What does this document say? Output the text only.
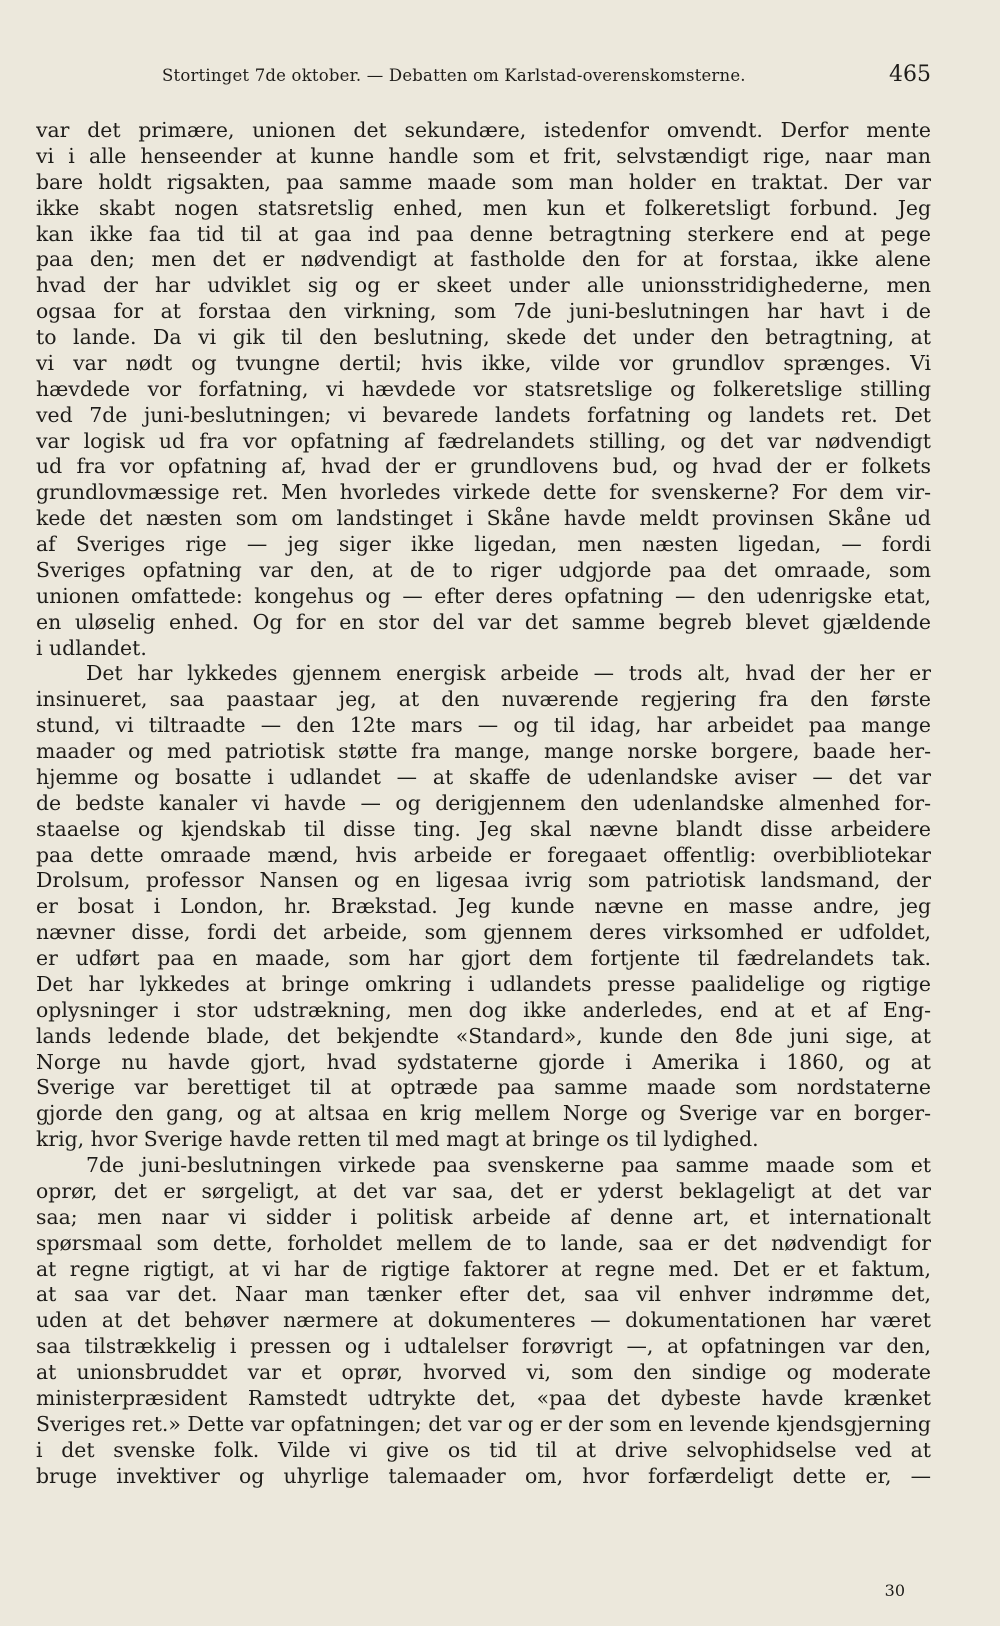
Stortinget 7de oktober. — Debatten om Karlstad-overenskomsterne.	465
var det primære, unionen det sekundære, istedenfor omvendt. Derfor mente
vi i alle henseender at kunne handle som et frit, selvstændigt rige, naar man
bare holdt rigsakten, paa samme maade som man holder en traktat. Der var
ikke skabt nogen statsretslig enhed, men kun et folkeretsligt forbund. Jeg
kan ikke faa tid til at gaa ind paa denne betragtning sterkere end at pege
paa den; men det er nødvendigt at fastholde den for at forstaa, ikke alene
hvad der har udviklet sig og er skeet under alle unionsstridighederne, men
ogsaa for at forstaa den virkning, som 7de juni-beslutningen har havt i de
to lande. Da vi gik til den beslutning, skede det under den betragtning, at
vi var nødt og tvungne dertil; hvis ikke, vilde vor grundlov sprænges. Vi
hævdede vor forfatning, vi hævdede vor statsretslige og folkeretslige stilling
ved 7de juni-beslutningen; vi bevarede landets forfatning og landets ret. Det
var logisk ud fra vor opfatning af fædrelandets stilling, og det var nødvendigt
ud fra vor opfatning af, hvad der er grundlovens bud, og hvad der er folkets
grundlovmæssige ret. Men hvorledes virkede dette for svenskerne? For dem vir-
kede det næsten som om landstinget i Skåne havde meldt provinsen Skåne ud
af Sveriges rige — jeg siger ikke ligedan, men næsten ligedan, — fordi
Sveriges opfatning var den, at de to riger udgjorde paa det omraade, som
unionen omfattede: kongehus og — efter deres opfatning — den udenrigske etat,
en uløselig enhed. Og for en stor del var det samme begreb blevet gjældende
i udlandet.
Det har lykkedes gjennem energisk arbeide — trods alt, hvad der her er
insinueret, saa paastaar jeg, at den nuværende regjering fra den første
stund, vi tiltraadte — den 12te mars — og til idag, har arbeidet paa mange
maader og med patriotisk støtte fra mange, mange norske borgere, baade her-
hjemme og bosatte i udlandet — at skaffe de udenlandske aviser — det var
de bedste kanaler vi havde — og derigjennem den udenlandske almenhed for-
staaelse og kjendskab til disse ting. Jeg skal nævne blandt disse arbeidere
paa dette omraade mænd, hvis arbeide er foregaaet offentlig: overbibliotekar
Drolsum, professor Nansen og en ligesaa ivrig som patriotisk landsmand, der
er bosat i London, hr. Brækstad. Jeg kunde nævne en masse andre, jeg
nævner disse, fordi det arbeide, som gjennem deres virksomhed er udfoldet,
er udført paa en maade, som har gjort dem fortjente til fædrelandets tak.
Det har lykkedes at bringe omkring i udlandets presse paalidelige og rigtige
oplysninger i stor udstrækning, men dog ikke anderledes, end at et af Eng-
lands ledende blade, det bekjendte «Standard», kunde den 8de juni sige, at
Norge nu havde gjort, hvad sydstaterne gjorde i Amerika i 1860, og at
Sverige var berettiget til at optræde paa samme maade som nordstaterne
gjorde den gang, og at altsaa en krig mellem Norge og Sverige var en borger-
krig, hvor Sverige havde retten til med magt at bringe os til lydighed.
7de juni-beslutningen virkede paa svenskerne paa samme maade som et
oprør, det er sørgeligt, at det var saa, det er yderst beklageligt at det var
saa; men naar vi sidder i politisk arbeide af denne art, et internationalt
spørsmaal som dette, forholdet mellem de to lande, saa er det nødvendigt for
at regne rigtigt, at vi har de rigtige faktorer at regne med. Det er et faktum,
at saa var det. Naar man tænker efter det, saa vil enhver indrømme det,
uden at det behøver nærmere at dokumenteres — dokumentationen har været
saa tilstrækkelig i pressen og i udtalelser forøvrigt —, at opfatningen var den,
at unionsbruddet var et oprør, hvorved vi, som den sindige og moderate
ministerpræsident Ramstedt udtrykte det, «paa det dybeste havde krænket
Sveriges ret.» Dette var opfatningen; det var og er der som en levende kjendsgjerning
i det svenske folk. Vilde vi give os tid til at drive selvophidselse ved at
bruge invektiver og uhyrlige talemaader om, hvor forfærdeligt dette er, —
30
